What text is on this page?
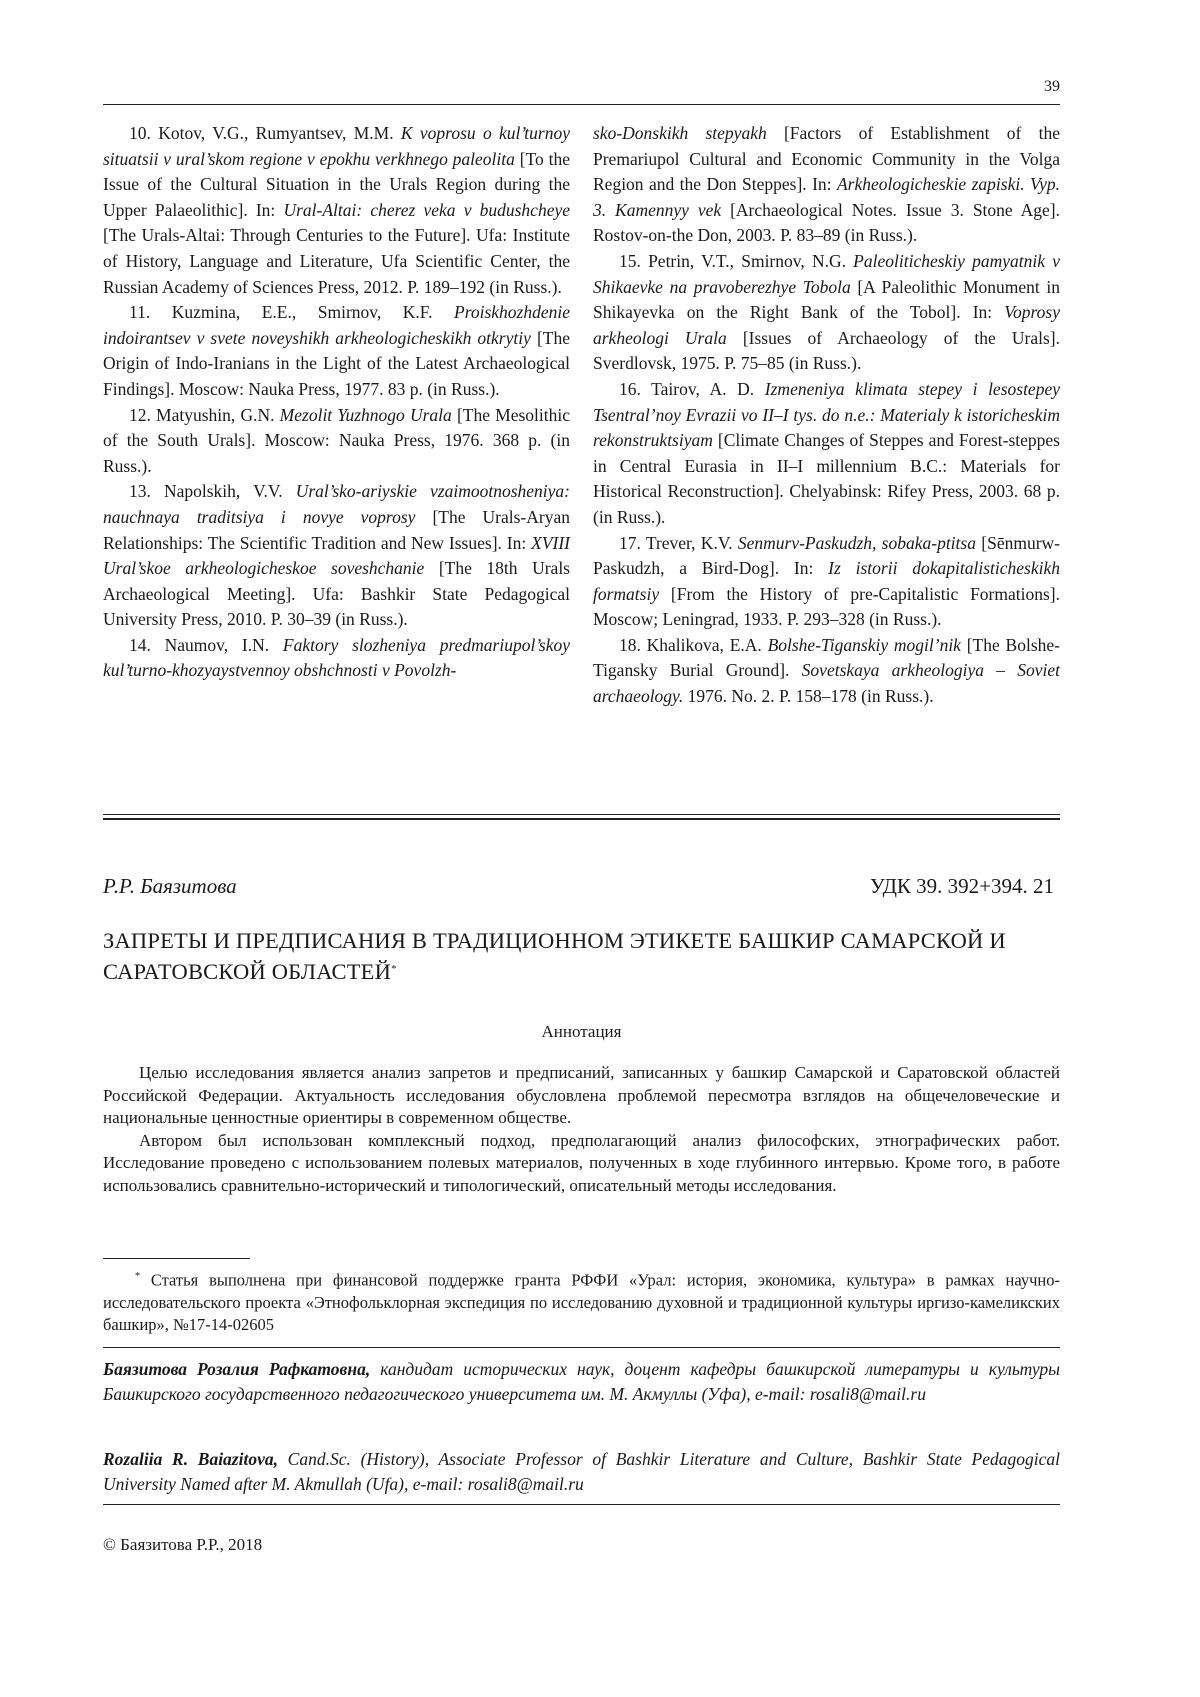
39

10. Kotov, V.G., Rumyantsev, M.M. K voprosu o kul’turnoy situatsii v ural’skom regione v epokhu verkhnego paleolita [To the Issue of the Cultural Situation in the Urals Region during the Upper Palaeolithic]. In: Ural-Altai: cherez veka v budushcheye [The Urals-Altai: Through Centuries to the Future]. Ufa: Institute of History, Language and Literature, Ufa Scientific Center, the Russian Academy of Sciences Press, 2012. P. 189–192 (in Russ.).

11. Kuzmina, E.E., Smirnov, K.F. Proiskhozhdenie indoirantsev v svete noveyshikh arkheologicheskikh otkrytiy [The Origin of Indo-Iranians in the Light of the Latest Archaeological Findings]. Moscow: Nauka Press, 1977. 83 p. (in Russ.).

12. Matyushin, G.N. Mezolit Yuzhnogo Urala [The Mesolithic of the South Urals]. Moscow: Nauka Press, 1976. 368 p. (in Russ.).

13. Napolskih, V.V. Ural’sko-ariyskie vzaimootnosheniya: nauchnaya traditsiya i novye voprosy [The Urals-Aryan Relationships: The Scientific Tradition and New Issues]. In: XVIII Ural’skoe arkheologicheskoe soveshchanie [The 18th Urals Archaeological Meeting]. Ufa: Bashkir State Pedagogical University Press, 2010. P. 30–39 (in Russ.).

14. Naumov, I.N. Faktory slozheniya predmariupol’skoy kul’turno-khozyaystvennoy obshchnosti v Povolzh-

sko-Donskikh stepyakh [Factors of Establishment of the Premariupol Cultural and Economic Community in the Volga Region and the Don Steppes]. In: Arkheologicheskie zapiski. Vyp. 3. Kamennyy vek [Archaeological Notes. Issue 3. Stone Age]. Rostov-on-the Don, 2003. P. 83–89 (in Russ.).

15. Petrin, V.T., Smirnov, N.G. Paleoliticheskiy pamyatnik v Shikaevke na pravoberezhye Tobola [A Paleolithic Monument in Shikayevka on the Right Bank of the Tobol]. In: Voprosy arkheologi Urala [Issues of Archaeology of the Urals]. Sverdlovsk, 1975. P. 75–85 (in Russ.).

16. Tairov, A. D. Izmeneniya klimata stepey i lesostepey Tsentral’noy Evrazii vo II–I tys. do n.e.: Materialy k istoricheskim rekonstruktsiyam [Climate Changes of Steppes and Forest-steppes in Central Eurasia in II–I millennium B.C.: Materials for Historical Reconstruction]. Chelyabinsk: Rifey Press, 2003. 68 p. (in Russ.).

17. Trever, K.V. Senmurv-Paskudzh, sobaka-ptitsa [Sēnmurw-Paskudzh, a Bird-Dog]. In: Iz istorii dokapitalisticheskikh formatsiy [From the History of pre-Capitalistic Formations]. Moscow; Leningrad, 1933. P. 293–328 (in Russ.).

18. Khalikova, E.A. Bolshe-Tiganskiy mogil’nik [The Bolshe-Tigansky Burial Ground]. Sovetskaya arkheologiya – Soviet archaeology. 1976. No. 2. P. 158–178 (in Russ.).

Р.Р. Баязитова	УДК 39. 392+394. 21
ЗАПРЕТЫ И ПРЕДПИСАНИЯ В ТРАДИЦИОННОМ ЭТИКЕТЕ БАШКИР САМАРСКОЙ И САРАТОВСКОЙ ОБЛАСТЕЙ*
Аннотация

Целью исследования является анализ запретов и предписаний, записанных у башкир Самарской и Саратовской областей Российской Федерации. Актуальность исследования обусловлена проблемой пересмотра взглядов на общечеловеческие и национальные ценностные ориентиры в современном обществе.

Автором был использован комплексный подход, предполагающий анализ философских, этнографических работ. Исследование проведено с использованием полевых материалов, полученных в ходе глубинного интервью. Кроме того, в работе использовались сравнительно-исторический и типологический, описательный методы исследования.

* Статья выполнена при финансовой поддержке гранта РФФИ «Урал: история, экономика, культура» в рамках научно-исследовательского проекта «Этнофольклорная экспедиция по исследованию духовной и традиционной культуры иргизо-камеликских башкир», №17-14-02605

Баязитова Розалия Рафкатовна, кандидат исторических наук, доцент кафедры башкирской литературы и культуры Башкирского государственного педагогического университета им. М. Акмуллы (Уфа), e-mail: rosali8@mail.ru
Rozaliia R. Baiazitova, Cand.Sc. (History), Associate Professor of Bashkir Literature and Culture, Bashkir State Pedagogical University Named after M. Akmullah (Ufa), e-mail: rosali8@mail.ru
© Баязитова Р.Р., 2018
